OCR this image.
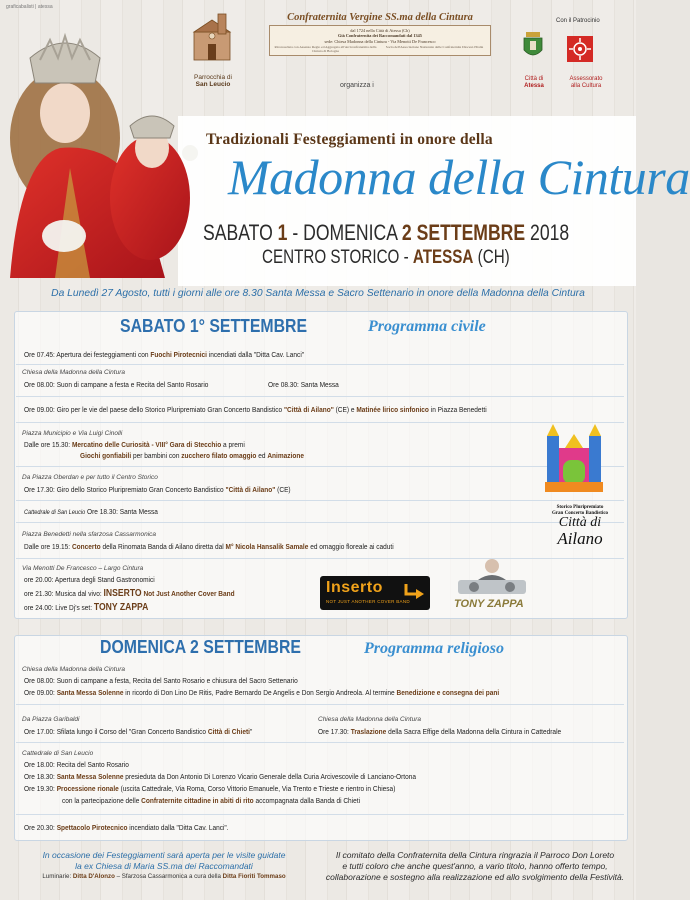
graficabalisti | atessa
Parrocchia di
San Leucio
Confraternita Vergine SS.ma della Cintura
dal 1724 nella Città di Atessa (Ch)
Già Confraternita dei Raccomandati dal 1345
sede: Chiesa Madonna della Cintura - Via Menotti De Francesco
Riconosciuta con Assenso Regio ed Aggregata all'Arciconfraternita della Cintura di Bologna
Socia dell'Associazione Nazionale delle Confraternite Diocesi d'Italia
organizza i
Con il Patrocinio
Città di
Atessa
Assessorato
alla Cultura
Tradizionali Festeggiamenti in onore della
Madonna della Cintura
SABATO 1 - DOMENICA 2 SETTEMBRE 2018
CENTRO STORICO - ATESSA (CH)
Da Lunedì 27 Agosto, tutti i giorni alle ore 8.30 Santa Messa e Sacro Settenario in onore della Madonna della Cintura
SABATO 1° SETTEMBRE	Programma civile
Ore 07.45: Apertura dei festeggiamenti con Fuochi Pirotecnici incendiati dalla "Ditta Cav. Lanci"
Chiesa della Madonna della Cintura
Ore 08.00: Suon di campane a festa e Recita del Santo Rosario	Ore 08.30: Santa Messa
Ore 09.00: Giro per le vie del paese dello Storico Pluripremiato Gran Concerto Bandistico "Città di Ailano" (CE) e Matinée lirico sinfonico in Piazza Benedetti
Piazza Municipio e Via Luigi Cinolli
Dalle ore 15.30: Mercatino delle Curiosità - VIII° Gara di Stecchio a premi
Giochi gonfiabili per bambini con zucchero filato omaggio ed Animazione
Da Piazza Oberdan e per tutto il Centro Storico
Ore 17.30: Giro dello Storico Pluripremiato Gran Concerto Bandistico "Città di Ailano" (CE)
Cattedrale di San Leucio Ore 18.30: Santa Messa
Piazza Benedetti nella sfarzosa Cassarmonica
Dalle ore 19.15: Concerto della Rinomata Banda di Ailano diretta dal M° Nicola Hansalik Samale ed omaggio floreale ai caduti
Via Menotti De Francesco – Largo Cintura
ore 20.00: Apertura degli Stand Gastronomici
ore 21.30: Musica dal vivo: INSERTO Not Just Another Cover Band
ore 24.00: Live Dj's set: TONY ZAPPA
Storico Pluripremiato
Gran Concerto Bandistico
Città di
Ailano
Inserto
NOT JUST ANOTHER COVER BAND	TONY ZAPPA
DOMENICA 2 SETTEMBRE	Programma religioso
Chiesa della Madonna della Cintura
Ore 08.00: Suon di campane a festa, Recita del Santo Rosario e chiusura del Sacro Settenario
Ore 09.00: Santa Messa Solenne in ricordo di Don Lino De Ritis, Padre Bernardo De Angelis e Don Sergio Andreola. Al termine Benedizione e consegna dei pani
Da Piazza Garibaldi
Ore 17.00: Sfilata lungo il Corso del "Gran Concerto Bandistico Città di Chieti"
Chiesa della Madonna della Cintura
Ore 17.30: Traslazione della Sacra Effige della Madonna della Cintura in Cattedrale
Cattedrale di San Leucio
Ore 18.00: Recita del Santo Rosario
Ore 18.30: Santa Messa Solenne presieduta da Don Antonio Di Lorenzo Vicario Generale della Curia Arcivescovile di Lanciano-Ortona
Ore 19.30: Processione rionale (uscita Cattedrale, Via Roma, Corso Vittorio Emanuele, Via Trento e Trieste e rientro in Chiesa)
con la partecipazione delle Confraternite cittadine in abiti di rito accompagnata dalla Banda di Chieti
Ore 20.30: Spettacolo Pirotecnico incendiato dalla "Ditta Cav. Lanci".
In occasione dei Festeggiamenti sarà aperta per le visite guidate
la ex Chiesa di Maria SS.ma dei Raccomandati
Luminarie: Ditta D'Alonzo – Sfarzosa Cassarmonica a cura della Ditta Fioriti Tommaso
Il comitato della Confraternita della Cintura ringrazia il Parroco Don Loreto
e tutti coloro che anche quest'anno, a vario titolo, hanno offerto tempo,
collaborazione e sostegno alla realizzazione ed allo svolgimento della Festività.
